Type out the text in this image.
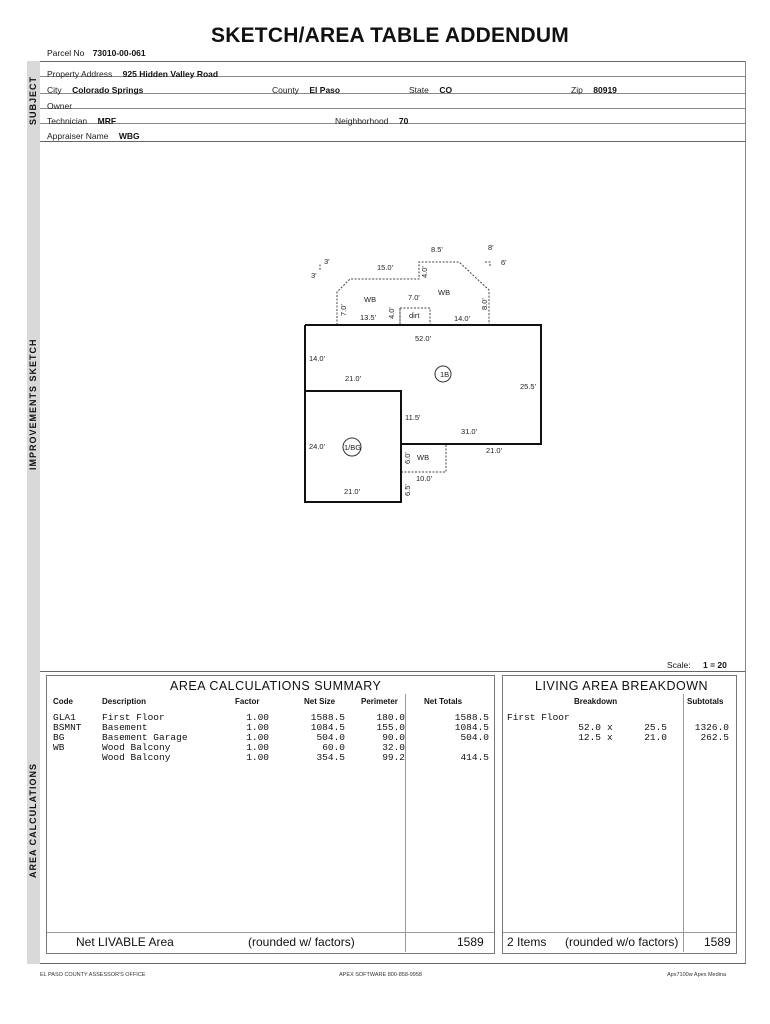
SKETCH/AREA TABLE ADDENDUM
Parcel No 73010-00-061
SUBJECT
Property Address 925 Hidden Valley Road
City Colorado Springs	County El Paso	State CO	Zip 80919
Owner
Technician MRF	Neighborhood 70
Appraiser Name WBG
IMPROVEMENTS SKETCH
8.5'	8'
6'
3'
3'
15.0'	4.0'
7.0'
WB	7.0'
WB
8.0'
4.0'
13.5'	dirt	14.0'
52.0'
14.0'
21.0'	1B
25.5'
11.5'
31.0'
24.0'	1/BG
6.0' WB
21.0'
10.0'
6.5'
21.0'
Scale: 1 = 20
AREA CALCULATIONS
AREA CALCULATIONS SUMMARY
Code	Description	Factor	Net Size	Perimeter	Net Totals
GLA1	First Floor	1.00	1588.5	180.0	1588.5
BSMNT	Basement	1.00	1084.5	155.0	1084.5
BG	Basement Garage	1.00	504.0	90.0	504.0
WB	Wood Balcony	1.00	60.0	32.0
Wood Balcony	1.00	354.5	99.2	414.5
Net LIVABLE Area	(rounded w/ factors)	1589
LIVING AREA BREAKDOWN
Breakdown	Subtotals
First Floor
52.0 x	25.5	1326.0
12.5 x	21.0	262.5
2 Items (rounded w/o factors) 1589
EL PASO COUNTY ASSESSOR'S OFFICE	APEX SOFTWARE 800-858-9958	Apx7100w Apex Medina
